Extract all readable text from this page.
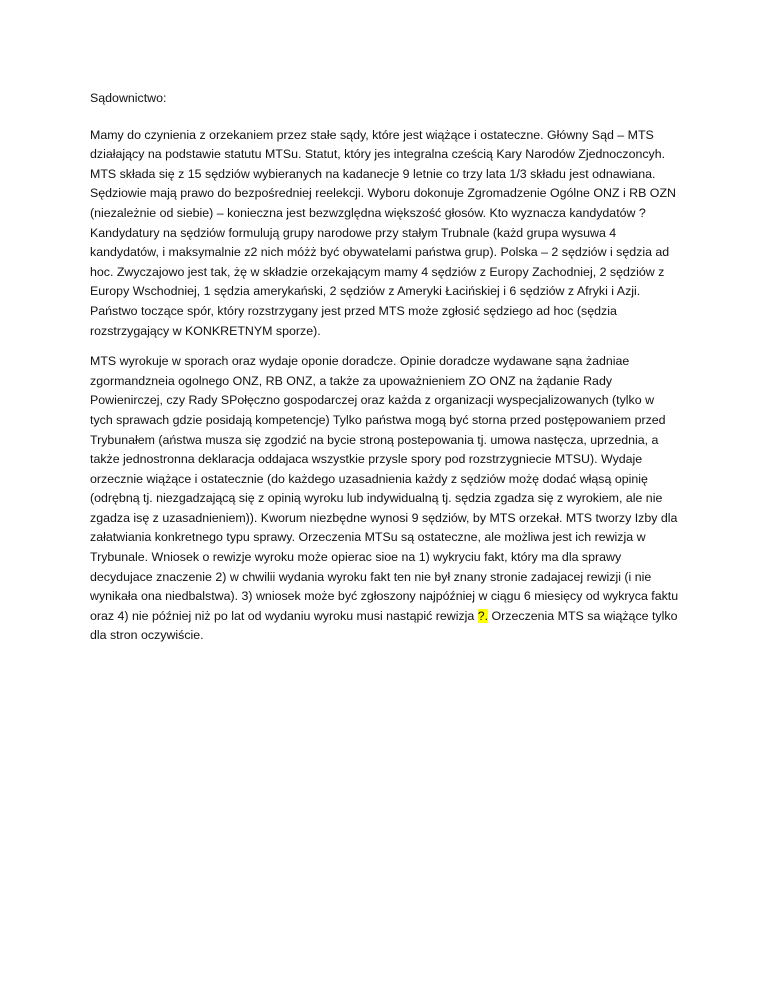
Sądownictwo:

Mamy do czynienia z orzekaniem przez stałe sądy, które jest wiążące i ostateczne. Główny Sąd – MTS działający na podstawie statutu MTSu. Statut, który jes integralna cześcią Kary Narodów Zjednoczoncyh. MTS składa się z 15 sędziów wybieranych na kadanecje 9 letnie co trzy lata 1/3 składu jest odnawiana. Sędziowie mają prawo do bezpośredniej reelekcji. Wyboru dokonuje Zgromadzenie Ogólne ONZ i RB OZN (niezależnie od siebie) – konieczna jest bezwzględna większość głosów. Kto wyznacza kandydatów ? Kandydatury na sędziów formulują grupy narodowe przy stałym Trubnale (każd grupa wysuwa 4 kandydatów, i maksymalnie z2 nich móżż być obywatelami państwa grup). Polska – 2 sędziów i sędzia ad hoc. Zwyczajowo jest tak, żę w składzie orzekającym mamy 4 sędziów z Europy Zachodniej, 2 sędziów z Europy Wschodniej, 1 sędzia amerykański, 2 sędziów z Ameryki Łacińskiej i 6 sędziów z Afryki i Azji. Państwo toczące spór, który rozstrzygany jest przed MTS może zgłosić sędziego ad hoc (sędzia rozstrzygający w KONKRETNYM sporze).

MTS wyrokuje w sporach oraz wydaje oponie doradcze. Opinie doradcze wydawane sąna żadniae zgormandzneia ogolnego ONZ, RB ONZ, a także za upoważnieniem ZO ONZ na żądanie Rady Powienirczej, czy Rady SPołęczno gospodarczej oraz każda z organizacji wyspecjalizowanych (tylko w tych sprawach gdzie posidają kompetencje) Tylko państwa mogą być storna przed postępowaniem przed Trybunałem (aństwa musza się zgodzić na bycie stroną postepowania tj. umowa nastęcza, uprzednia, a także jednostronna deklaracja oddajaca wszystkie przysle spory pod rozstrzygniecie MTSU). Wydaje orzecznie wiążące i ostatecznie (do każdego uzasadnienia każdy z sędziów możę dodać włąsą opinię (odrębną tj. niezgadzającą się z opinią wyroku lub indywidualną tj. sędzia zgadza się z wyrokiem, ale nie zgadza isę z uzasadnieniem)). Kworum niezbędne wynosi 9 sędziów, by MTS orzekał. MTS tworzy Izby dla załatwiania konkretnego typu sprawy. Orzeczenia MTSu są ostateczne, ale możliwa jest ich rewizja w Trybunale. Wniosek o rewizje wyroku może opierac sioe na 1) wykryciu fakt, który ma dla sprawy decydujace znaczenie 2) w chwilii wydania wyroku fakt ten nie był znany stronie zadajacej rewizji (i nie wynikała ona niedbalstwa). 3) wniosek może być zgłoszony najpóźniej w ciągu 6 miesięcy od wykryca faktu oraz 4) nie później niż po lat od wydaniu wyroku musi nastąpić rewizja ?. Orzeczenia MTS sa wiążące tylko dla stron oczywiście.
